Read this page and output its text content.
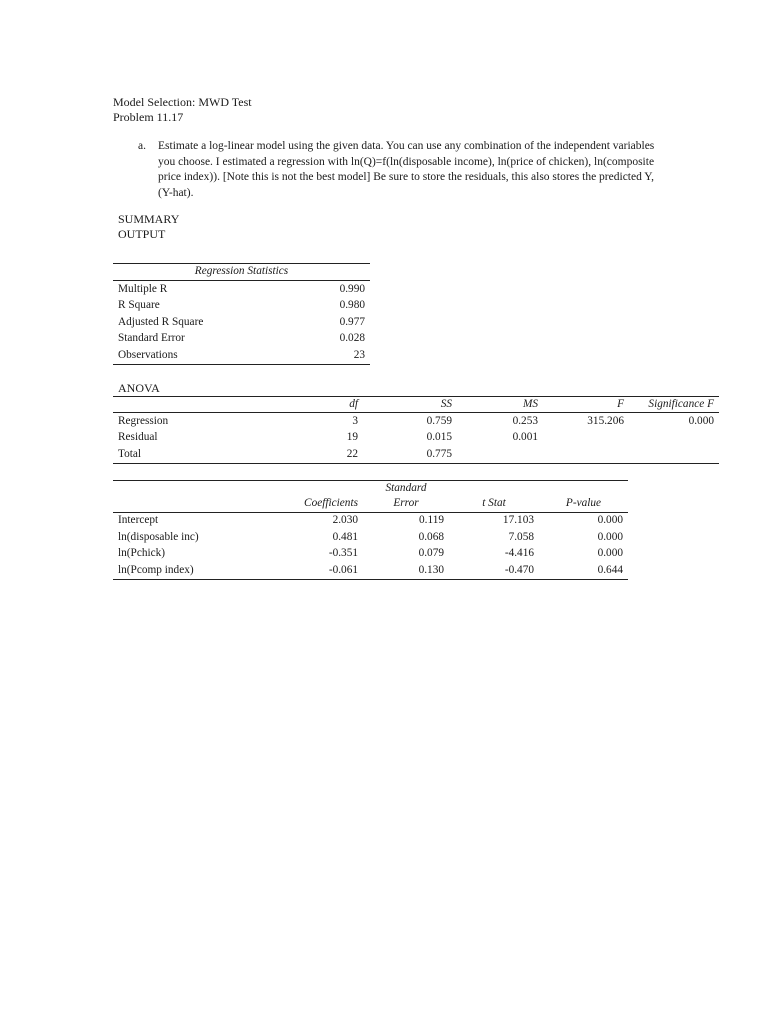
Model Selection: MWD Test
Problem 11.17
a.	Estimate a log-linear model using the given data. You can use any combination of the independent variables you choose. I estimated a regression with ln(Q)=f(ln(disposable income), ln(price of chicken), ln(composite price index)). [Note this is not the best model] Be sure to store the residuals, this also stores the predicted Y, (Y-hat).
SUMMARY
OUTPUT
Regression Statistics	
Multiple R	0.990
R Square	0.980
Adjusted R Square	0.977
Standard Error	0.028
Observations	23
ANOVA
	df	SS	MS	F	Significance F
Regression	3	0.759	0.253	315.206	0.000
Residual	19	0.015	0.001		
Total	22	0.775			
		Standard		
	Coefficients	Error	t Stat	P-value
Intercept	2.030	0.119	17.103	0.000
ln(disposable inc)	0.481	0.068	7.058	0.000
ln(Pchick)	-0.351	0.079	-4.416	0.000
ln(Pcomp index)	-0.061	0.130	-0.470	0.644
